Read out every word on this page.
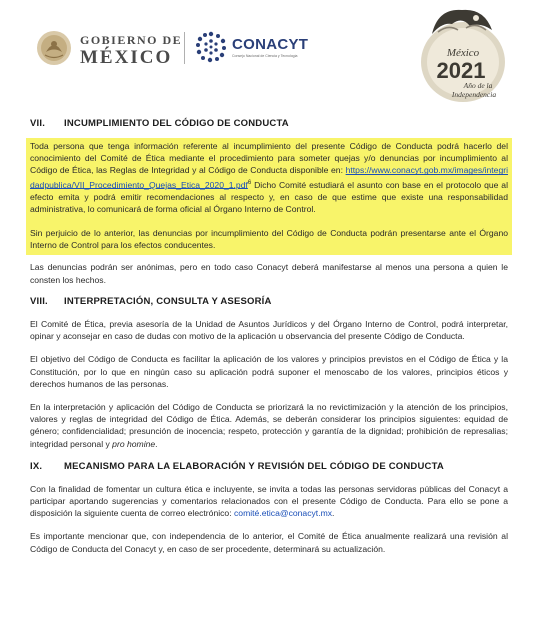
GOBIERNO DE
MÉXICO
CONACYT
Consejo Nacional de Ciencia y Tecnología	México
2021
Año de la
Independencia
VII.	INCUMPLIMIENTO DEL CÓDIGO DE CONDUCTA

Toda persona que tenga información referente al incumplimiento del presente Código de Conducta podrá hacerlo del conocimiento del Comité de Ética mediante el procedimiento para someter quejas y/o denuncias por incumplimiento al Código de Ética, las Reglas de Integridad y al Código de Conducta disponible en: https://www.conacyt.gob.mx/images/integridadpublica/VII_Procedimiento_Quejas_Etica_2020_1.pdf$^6$ Dicho Comité estudiará el asunto con base en el protocolo que al efecto emita y podrá emitir recomendaciones al respecto y, en caso de que estime que existe una responsabilidad administrativa, lo comunicará de forma oficial al Órgano Interno de Control.

Sin perjuicio de lo anterior, las denuncias por incumplimiento del Código de Conducta podrán presentarse ante el Órgano Interno de Control para los efectos conducentes.

Las denuncias podrán ser anónimas, pero en todo caso Conacyt deberá manifestarse al menos una persona a quien le consten los hechos.

VIII.	INTERPRETACIÓN, CONSULTA Y ASESORÍA

El Comité de Ética, previa asesoría de la Unidad de Asuntos Jurídicos y del Órgano Interno de Control, podrá interpretar, opinar y aconsejar en caso de dudas con motivo de la aplicación u observancia del presente Código de Conducta.

El objetivo del Código de Conducta es facilitar la aplicación de los valores y principios previstos en el Código de Ética y la Constitución, por lo que en ningún caso su aplicación podrá suponer el menoscabo de los valores, principios éticos y derechos humanos de las personas.

En la interpretación y aplicación del Código de Conducta se priorizará la no revictimización y la atención de los principios, valores y reglas de integridad del Código de Ética. Además, se deberán considerar los principios siguientes: equidad de género; confidencialidad; presunción de inocencia; respeto, protección y garantía de la dignidad; prohibición de represalias; integridad personal y pro homine.

IX.	MECANISMO PARA LA ELABORACIÓN Y REVISIÓN DEL CÓDIGO DE CONDUCTA

Con la finalidad de fomentar un cultura ética e incluyente, se invita a todas las personas servidoras públicas del Conacyt a participar aportando sugerencias y comentarios relacionados con el presente Código de Conducta. Para ello se pone a disposición la siguiente cuenta de correo electrónico: comité.etica@conacyt.mx.

Es importante mencionar que, con independencia de lo anterior, el Comité de Ética anualmente realizará una revisión al Código de Conducta del Conacyt y, en caso de ser procedente, determinará su actualización.
